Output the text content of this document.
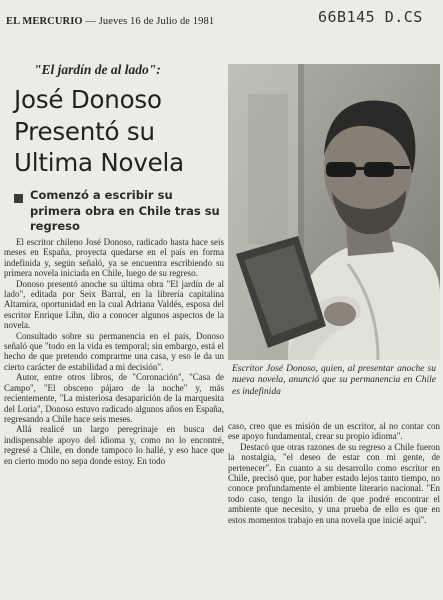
EL MERCURIO — Jueves 16 de Julio de 1981	66B145 D.CS
"El jardín de al lado":
José Donoso
Presentó su
Ultima Novela
Comenzó a escribir su primera obra en Chile tras su regreso

El escritor chileno José Donoso, radicado hasta hace seis meses en España, proyecta quedarse en el país en forma indefinida y, según señaló, ya se encuentra escribiendo su primera novela iniciada en Chile, luego de su regreso.

Donoso presentó anoche su última obra "El jardín de al lado", editada por Seix Barral, en la librería capitalina Altamira, oportunidad en la cual Adriana Valdés, esposa del escritor Enrique Lihn, dio a conocer algunos aspectos de la novela.

Consultado sobre su permanencia en el país, Donoso señaló que "todo en la vida es temporal; sin embargo, está el hecho de que pretendo comprarme una casa, y eso le da un cierto carácter de estabilidad a mi decisión".

Autor, entre otros libros, de "Coronación", "Casa de Campo", "El obsceno pájaro de la noche" y, más recientemente, "La misteriosa desaparición de la marquesita del Loria", Donoso estuvo radicado algunos años en España, regresando a Chile hace seis meses.

Allá realicé un largo peregrinaje en busca del indispensable apoyo del idioma y, como no lo encontré, regresé a Chile, en donde tampoco lo hallé, y eso hace que en cierto modo no sepa donde estoy. En todo

Escritor José Donoso, quien, al presentar anoche su nueva novela, anunció que su permanencia en Chile es indefinida

caso, creo que es misión de un escritor, al no contar con ese apoyo fundamental, crear su propio idioma".

Destacó que otras razones de su regreso a Chile fueron la nostalgia, "el deseo de estar con mi gente, de pertenecer". En cuanto a su desarrollo como escritor en Chile, precisó que, por haber estado lejos tanto tiempo, no conoce profundamente el ambiente literario nacional. "En todo caso, tengo la ilusión de que podré encontrar el ambiente que necesito, y una prueba de ello es que en estos momentos trabajo en una novela que inicié aquí".
